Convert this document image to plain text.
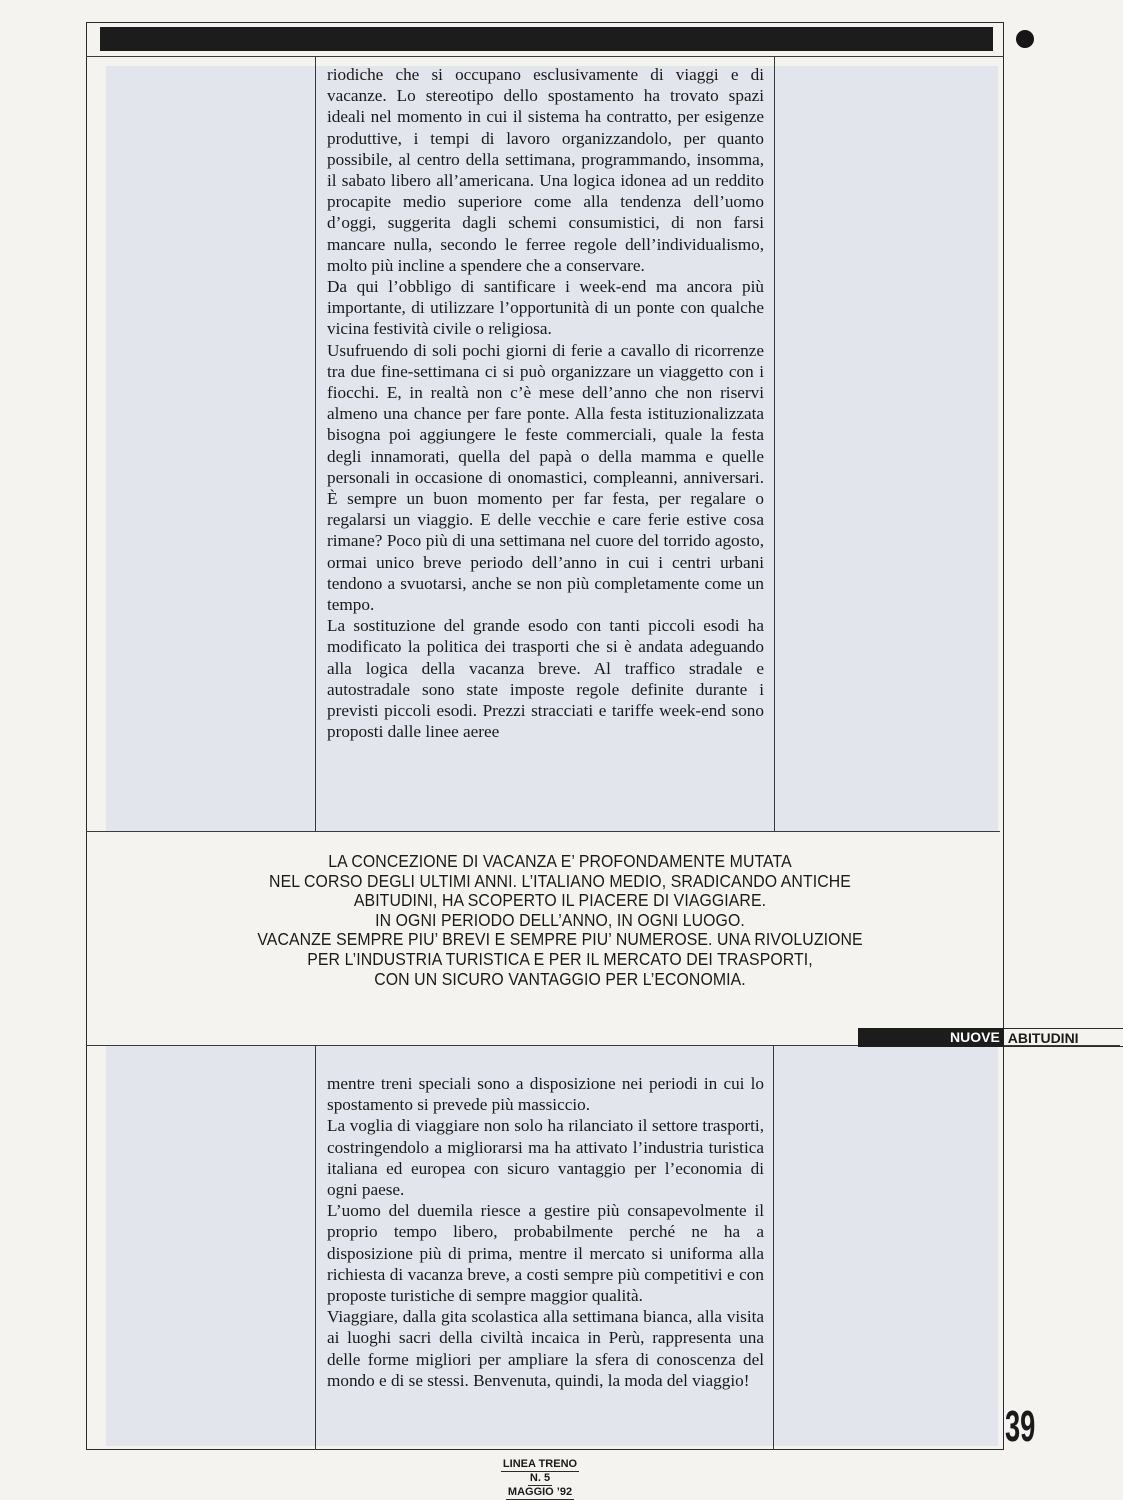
riodiche che si occupano esclusivamente di viaggi e di vacanze. Lo stereotipo dello spostamento ha trovato spazi ideali nel momento in cui il sistema ha contratto, per esigenze produttive, i tempi di lavoro organizzandolo, per quanto possibile, al centro della settimana, programmando, insomma, il sabato libero all’americana. Una logica idonea ad un reddito procapite medio superiore come alla tendenza dell’uomo d’oggi, suggerita dagli schemi consumistici, di non farsi mancare nulla, secondo le ferree regole dell’individualismo, molto più incline a spendere che a conservare.

Da qui l’obbligo di santificare i week-end ma ancora più importante, di utilizzare l’opportunità di un ponte con qualche vicina festività civile o religiosa.

Usufruendo di soli pochi giorni di ferie a cavallo di ricorrenze tra due fine-settimana ci si può organizzare un viaggetto con i fiocchi. E, in realtà non c’è mese dell’anno che non riservi almeno una chance per fare ponte. Alla festa istituzionalizzata bisogna poi aggiungere le feste commerciali, quale la festa degli innamorati, quella del papà o della mamma e quelle personali in occasione di onomastici, compleanni, anniversari. È sempre un buon momento per far festa, per regalare o regalarsi un viaggio. E delle vecchie e care ferie estive cosa rimane? Poco più di una settimana nel cuore del torrido agosto, ormai unico breve periodo dell’anno in cui i centri urbani tendono a svuotarsi, anche se non più completamente come un tempo.

La sostituzione del grande esodo con tanti piccoli esodi ha modificato la politica dei trasporti che si è andata adeguando alla logica della vacanza breve. Al traffico stradale e autostradale sono state imposte regole definite durante i previsti piccoli esodi. Prezzi stracciati e tariffe week-end sono proposti dalle linee aeree

LA CONCEZIONE DI VACANZA E’ PROFONDAMENTE MUTATA
NEL CORSO DEGLI ULTIMI ANNI. L’ITALIANO MEDIO, SRADICANDO ANTICHE
ABITUDINI, HA SCOPERTO IL PIACERE DI VIAGGIARE.
IN OGNI PERIODO DELL’ANNO, IN OGNI LUOGO.
VACANZE SEMPRE PIU’ BREVI E SEMPRE PIU’ NUMEROSE. UNA RIVOLUZIONE
PER L’INDUSTRIA TURISTICA E PER IL MERCATO DEI TRASPORTI,
CON UN SICURO VANTAGGIO PER L’ECONOMIA.
NUOVE ABITUDINI

mentre treni speciali sono a disposizione nei periodi in cui lo spostamento si prevede più massiccio.

La voglia di viaggiare non solo ha rilanciato il settore trasporti, costringendolo a migliorarsi ma ha attivato l’industria turistica italiana ed europea con sicuro vantaggio per l’economia di ogni paese.

L’uomo del duemila riesce a gestire più consapevolmente il proprio tempo libero, probabilmente perché ne ha a disposizione più di prima, mentre il mercato si uniforma alla richiesta di vacanza breve, a costi sempre più competitivi e con proposte turistiche di sempre maggior qualità.

Viaggiare, dalla gita scolastica alla settimana bianca, alla visita ai luoghi sacri della civiltà incaica in Perù, rappresenta una delle forme migliori per ampliare la sfera di conoscenza del mondo e di se stessi. Benvenuta, quindi, la moda del viaggio!

39
LINEA TRENO
N. 5
MAGGIO ’92
